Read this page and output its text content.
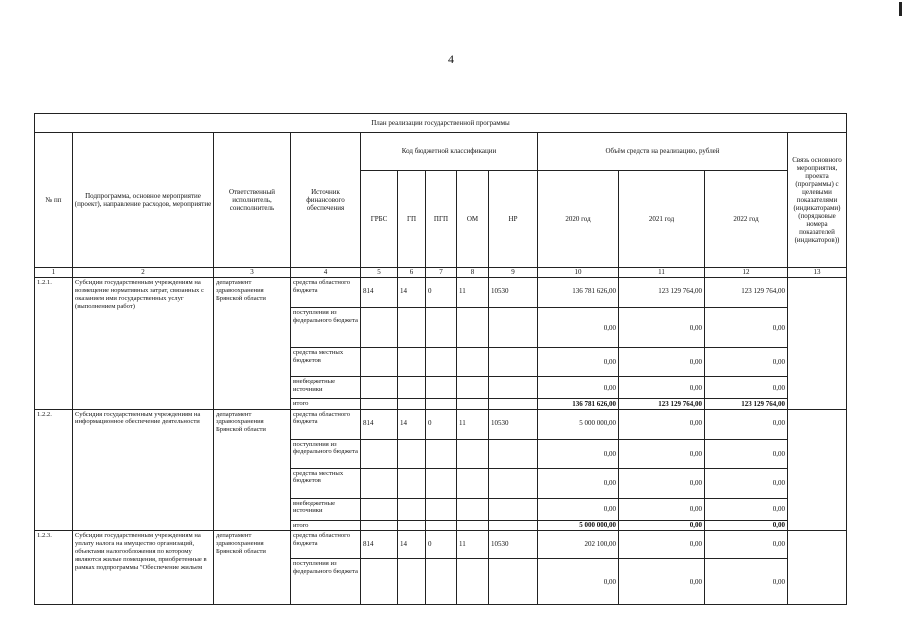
4
План реализации государственной программы												
№ пп	Подпрограмма, основное мероприятие (проект), направление расходов, мероприятие	Ответственный исполнитель, соисполнитель	Источник финансового обеспечения	Код бюджетной классификации					Объём средств на реализацию, рублей			Связь основного мероприятия, проекта (программы) с целевыми показателями (индикаторами) (порядковые номера показателей (индикаторов))
				ГРБС	ГП	ПГП	ОМ	НР	2020 год	2021 год	2022 год	
1	2	3	4	5	6	7	8	9	10	11	12	13
1.2.1.	Субсидии государственным учреждениям на возмещение нормативных затрат, связанных с оказанием ими государственных услуг (выполнением работ)	департамент здравоохранения Брянской области	средства областного бюджета	814	14	0	11	10530	136 781 626,00	123 129 764,00	123 129 764,00	
			поступления из федерального бюджета						0,00	0,00	0,00	
			средства местных бюджетов						0,00	0,00	0,00	
			внебюджетные источники						0,00	0,00	0,00	
			итого						136 781 626,00	123 129 764,00	123 129 764,00	
1.2.2.	Субсидия государственным учреждениям на информационное обеспечение деятельности	департамент здравоохранения Брянской области	средства областного бюджета	814	14	0	11	10530	5 000 000,00	0,00	0,00	
			поступления из федерального бюджета						0,00	0,00	0,00	
			средства местных бюджетов						0,00	0,00	0,00	
			внебюджетные источники						0,00	0,00	0,00	
			итого						5 000 000,00	0,00	0,00	
1.2.3.	Субсидии государственным учреждениям на уплату налога на имущество организаций, объектами налогообложения по которому являются жилые помещения, приобретенные в рамках подпрограммы "Обеспечение жильем	департамент здравоохранения Брянской области	средства областного бюджета	814	14	0	11	10530	202 100,00	0,00	0,00	
			поступления из федерального бюджета						0,00	0,00	0,00	
